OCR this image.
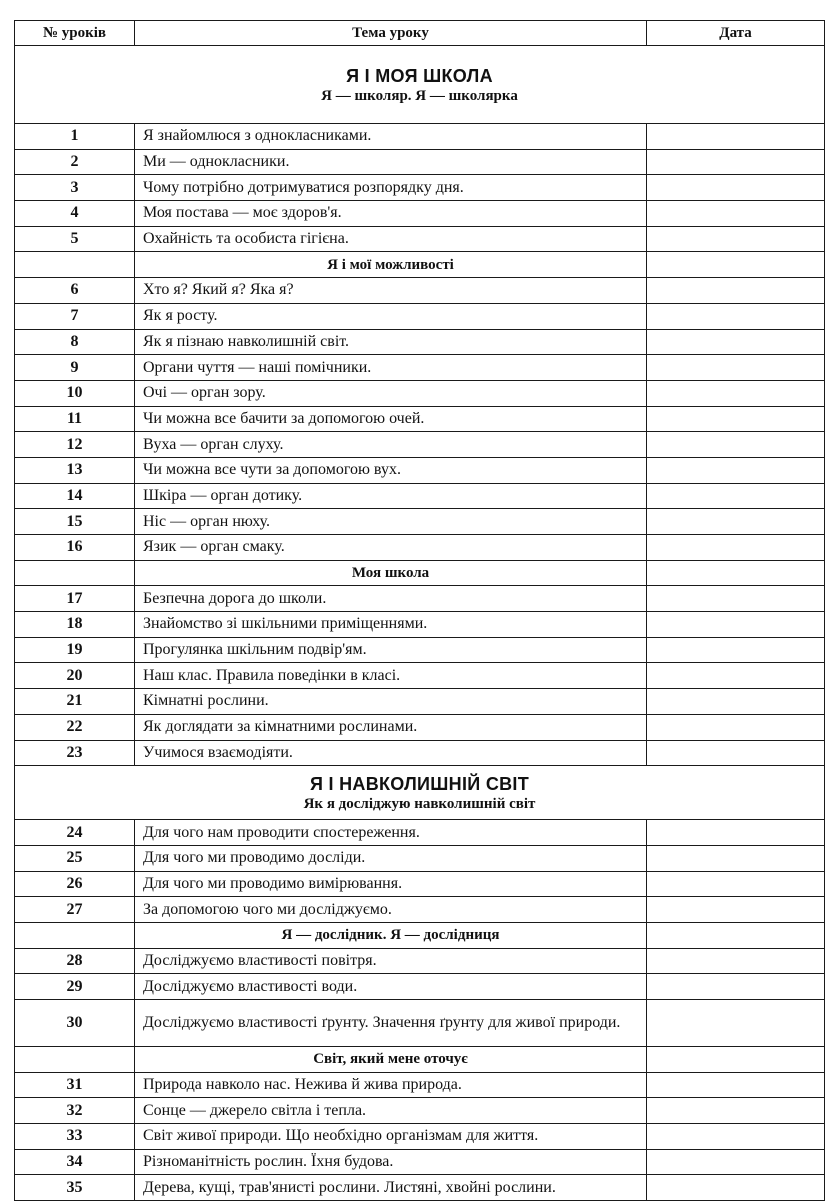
№ уроків	Тема уроку	Дата

Я І МОЯ ШКОЛА
Я — школяр. Я — школярка		

1	Я знайомлюся з однокласниками.	
2	Ми — однокласники.	
3	Чому потрібно дотримуватися розпорядку дня.	
4	Моя постава — моє здоров'я.	
5	Охайність та особиста гігієна.	
	Я і мої можливості	
6	Хто я? Який я? Яка я?	
7	Як я росту.	
8	Як я пізнаю навколишній світ.	
9	Органи чуття — наші помічники.	
10	Очі — орган зору.	
11	Чи можна все бачити за допомогою очей.	
12	Вуха — орган слуху.	
13	Чи можна все чути за допомогою вух.	
14	Шкіра — орган дотику.	
15	Ніс — орган нюху.	
16	Язик — орган смаку.	
	Моя школа	
17	Безпечна дорога до школи.	
18	Знайомство зі шкільними приміщеннями.	
19	Прогулянка шкільним подвір'ям.	
20	Наш клас. Правила поведінки в класі.	
21	Кімнатні рослини.	
22	Як доглядати за кімнатними рослинами.	
23	Учимося взаємодіяти.	

Я І НАВКОЛИШНІЙ СВІТ
Як я досліджую навколишній світ		

24	Для чого нам проводити спостереження.	
25	Для чого ми проводимо досліди.	
26	Для чого ми проводимо вимірювання.	
27	За допомогою чого ми досліджуємо.	
	Я — дослідник. Я — дослідниця	
28	Досліджуємо властивості повітря.	
29	Досліджуємо властивості води.	
30	Досліджуємо властивості ґрунту. Значення ґрунту для живої природи.	
	Світ, який мене оточує	
31	Природа навколо нас. Нежива й жива природа.	
32	Сонце — джерело світла і тепла.	
33	Світ живої природи. Що необхідно організмам для життя.	
34	Різноманітність рослин. Їхня будова.	
35	Дерева, кущі, трав'янисті рослини. Листяні, хвойні рослини.	
